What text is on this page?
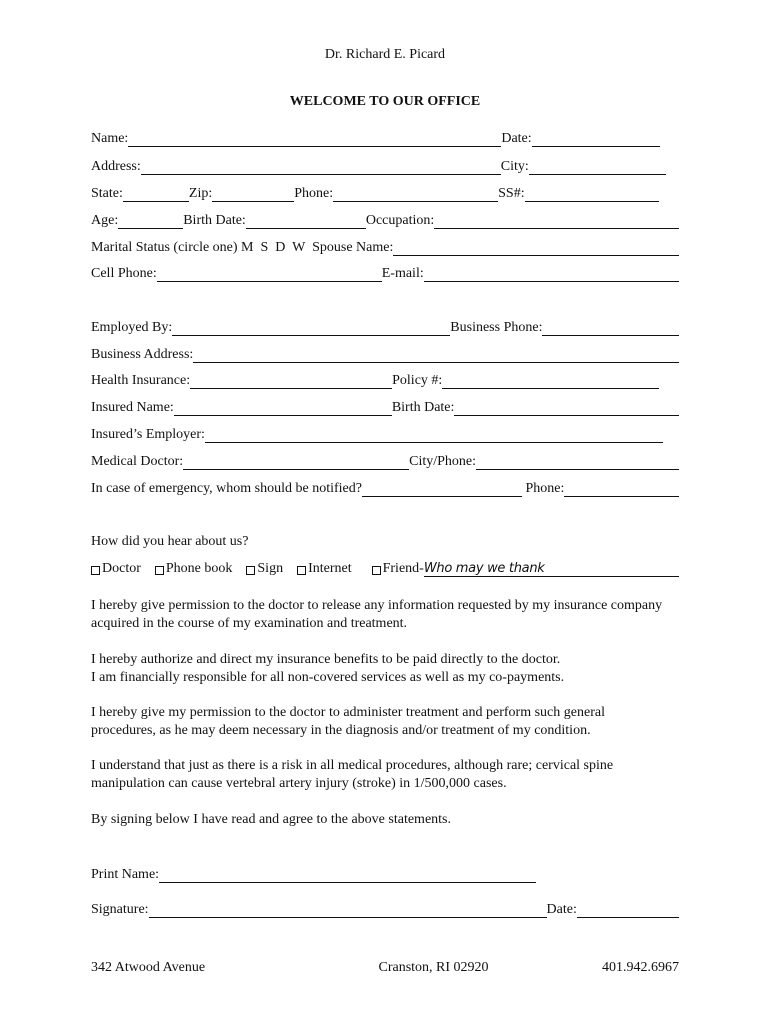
Dr. Richard E. Picard
WELCOME TO OUR OFFICE
Name:	Date:
Address:	City:
State:	Zip:	Phone:	SS#:
Age:	Birth Date:	Occupation:
Marital Status (circle one) M  S  D  W  Spouse Name:
Cell Phone:	E-mail:
Employed By:	Business Phone:
Business Address:
Health Insurance:	Policy #:
Insured Name:	Birth Date:
Insured’s Employer:
Medical Doctor:	City/Phone:
In case of emergency, whom should be notified?	Phone:
How did you hear about us?
Doctor Phone book Sign Internet Friend- Who may we thank
I hereby give permission to the doctor to release any information requested by my insurance company acquired in the course of my examination and treatment.
I hereby authorize and direct my insurance benefits to be paid directly to the doctor.
I am financially responsible for all non-covered services as well as my co-payments.
I hereby give my permission to the doctor to administer treatment and perform such general procedures, as he may deem necessary in the diagnosis and/or treatment of my condition.
I understand that just as there is a risk in all medical procedures, although rare; cervical spine manipulation can cause vertebral artery injury (stroke) in 1/500,000 cases.
By signing below I have read and agree to the above statements.
Print Name:
Signature:	Date:
342 Atwood Avenue	Cranston, RI 02920	401.942.6967
